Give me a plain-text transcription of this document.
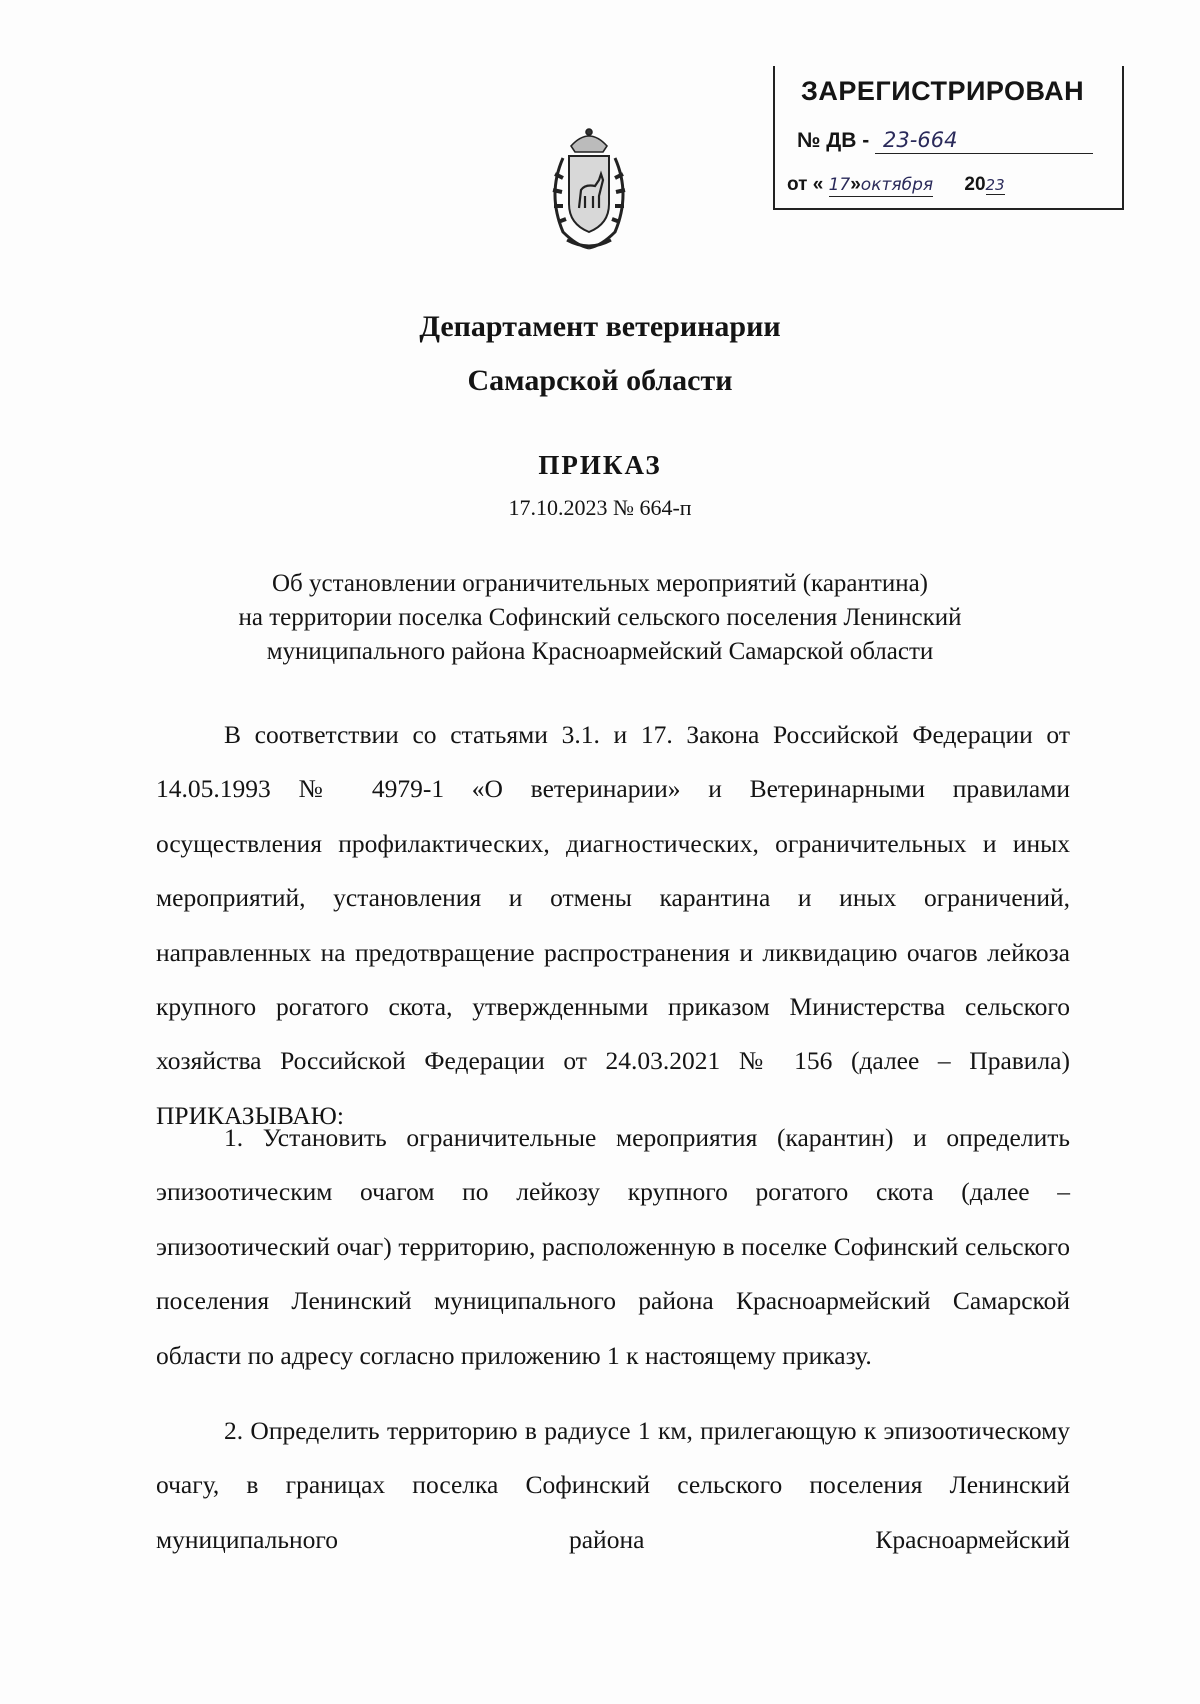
ЗАРЕГИСТРИРОВАН
№ ДВ - 23-664
от « 17»октября 2023
Департамент ветеринарии
Самарской области
ПРИКАЗ
17.10.2023 № 664-п
Об установлении ограничительных мероприятий (карантина)
на территории поселка Софинский сельского поселения Ленинский
муниципального района Красноармейский Самарской области
В соответствии со статьями 3.1. и 17. Закона Российской Федерации от 14.05.1993 № 4979-1 «О ветеринарии» и Ветеринарными правилами осуществления профилактических, диагностических, ограничительных и иных мероприятий, установления и отмены карантина и иных ограничений, направленных на предотвращение распространения и ликвидацию очагов лейкоза крупного рогатого скота, утвержденными приказом Министерства сельского хозяйства Российской Федерации от 24.03.2021 № 156 (далее – Правила) ПРИКАЗЫВАЮ:
1. Установить ограничительные мероприятия (карантин) и определить эпизоотическим очагом по лейкозу крупного рогатого скота (далее – эпизоотический очаг) территорию, расположенную в поселке Софинский сельского поселения Ленинский муниципального района Красноармейский Самарской области по адресу согласно приложению 1 к настоящему приказу.
2. Определить территорию в радиусе 1 км, прилегающую к эпизоотическому очагу, в границах поселка Софинский сельского поселения Ленинский муниципального района Красноармейский
